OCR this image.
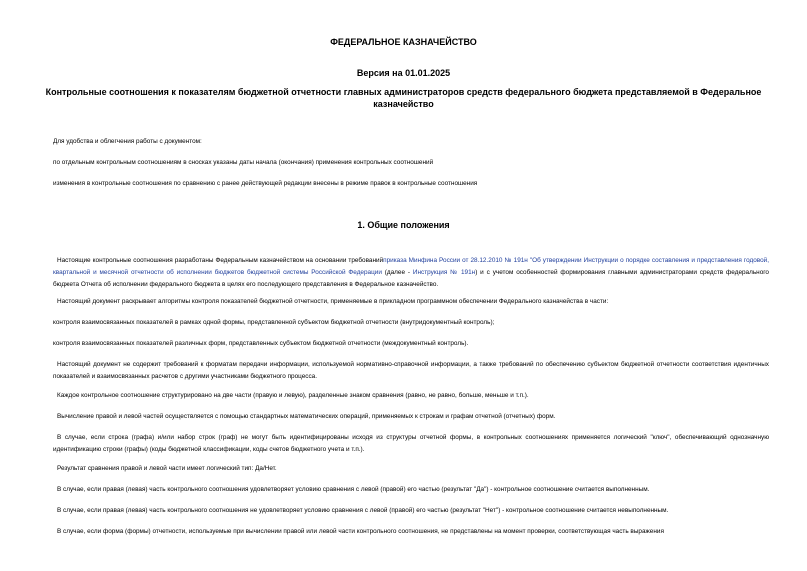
ФЕДЕРАЛЬНОЕ КАЗНАЧЕЙСТВО
Версия на 01.01.2025
Контрольные соотношения к показателям бюджетной отчетности главных администраторов средств федерального бюджета представляемой в Федеральное казначейство
Для удобства и облегчения работы с документом:
по отдельным контрольным соотношениям в сносках указаны даты начала (окончания) применения контрольных соотношений
изменения в контрольные соотношения по сравнению с ранее действующей редакции внесены в режиме правок в контрольные соотношения
1. Общие положения
Настоящие контрольные соотношения разработаны Федеральным казначейством на основании требованийприказа Минфина России от 28.12.2010 № 191н "Об утверждении Инструкции о порядке составления и представления годовой, квартальной и месячной отчетности об исполнении бюджетов бюджетной системы Российской Федерации (далее - Инструкция № 191н) и с учетом особенностей формирования главными администраторами средств федерального бюджета Отчета об исполнении федерального бюджета в целях его последующего представления в Федеральное казначейство.
Настоящий документ раскрывает алгоритмы контроля показателей бюджетной отчетности, применяемые в прикладном программном обеспечении Федерального казначейства в части:
контроля взаимосвязанных показателей в рамках одной формы, представленной субъектом бюджетной отчетности (внутридокументный контроль);
контроля взаимосвязанных показателей различных форм, представленных субъектом бюджетной отчетности (междокументный контроль).
Настоящий документ не содержит требований к форматам передачи информации, используемой нормативно-справочной информации, а также требований по обеспечению субъектом бюджетной отчетности соответствия идентичных показателей и взаимосвязанных расчетов с другими участниками бюджетного процесса.
Каждое контрольное соотношение структурировано на две части (правую и левую), разделенные знаком сравнения (равно, не равно, больше, меньше и т.п.).
Вычисление правой и левой частей осуществляется с помощью стандартных математических операций, применяемых к строкам и графам отчетной (отчетных) форм.
В случае, если строка (графа) и/или набор строк (граф) не могут быть идентифицированы исходя из структуры отчетной формы, в контрольных соотношениях применяется логический "ключ", обеспечивающий однозначную идентификацию строки (графы) (коды бюджетной классификации, коды счетов бюджетного учета и т.п.).
Результат сравнения правой и левой части имеет логический тип: Да/Нет.
В случае, если правая (левая) часть контрольного соотношения удовлетворяет условию сравнения с левой (правой) его частью (результат "Да") - контрольное соотношение считается выполненным.
В случае, если правая (левая) часть контрольного соотношения не удовлетворяет условию сравнения с левой (правой) его частью (результат "Нет") - контрольное соотношение считается невыполненным.
В случае, если форма (формы) отчетности, используемые при вычислении правой или левой части контрольного соотношения, не представлены на момент проверки, соответствующая часть выражения
